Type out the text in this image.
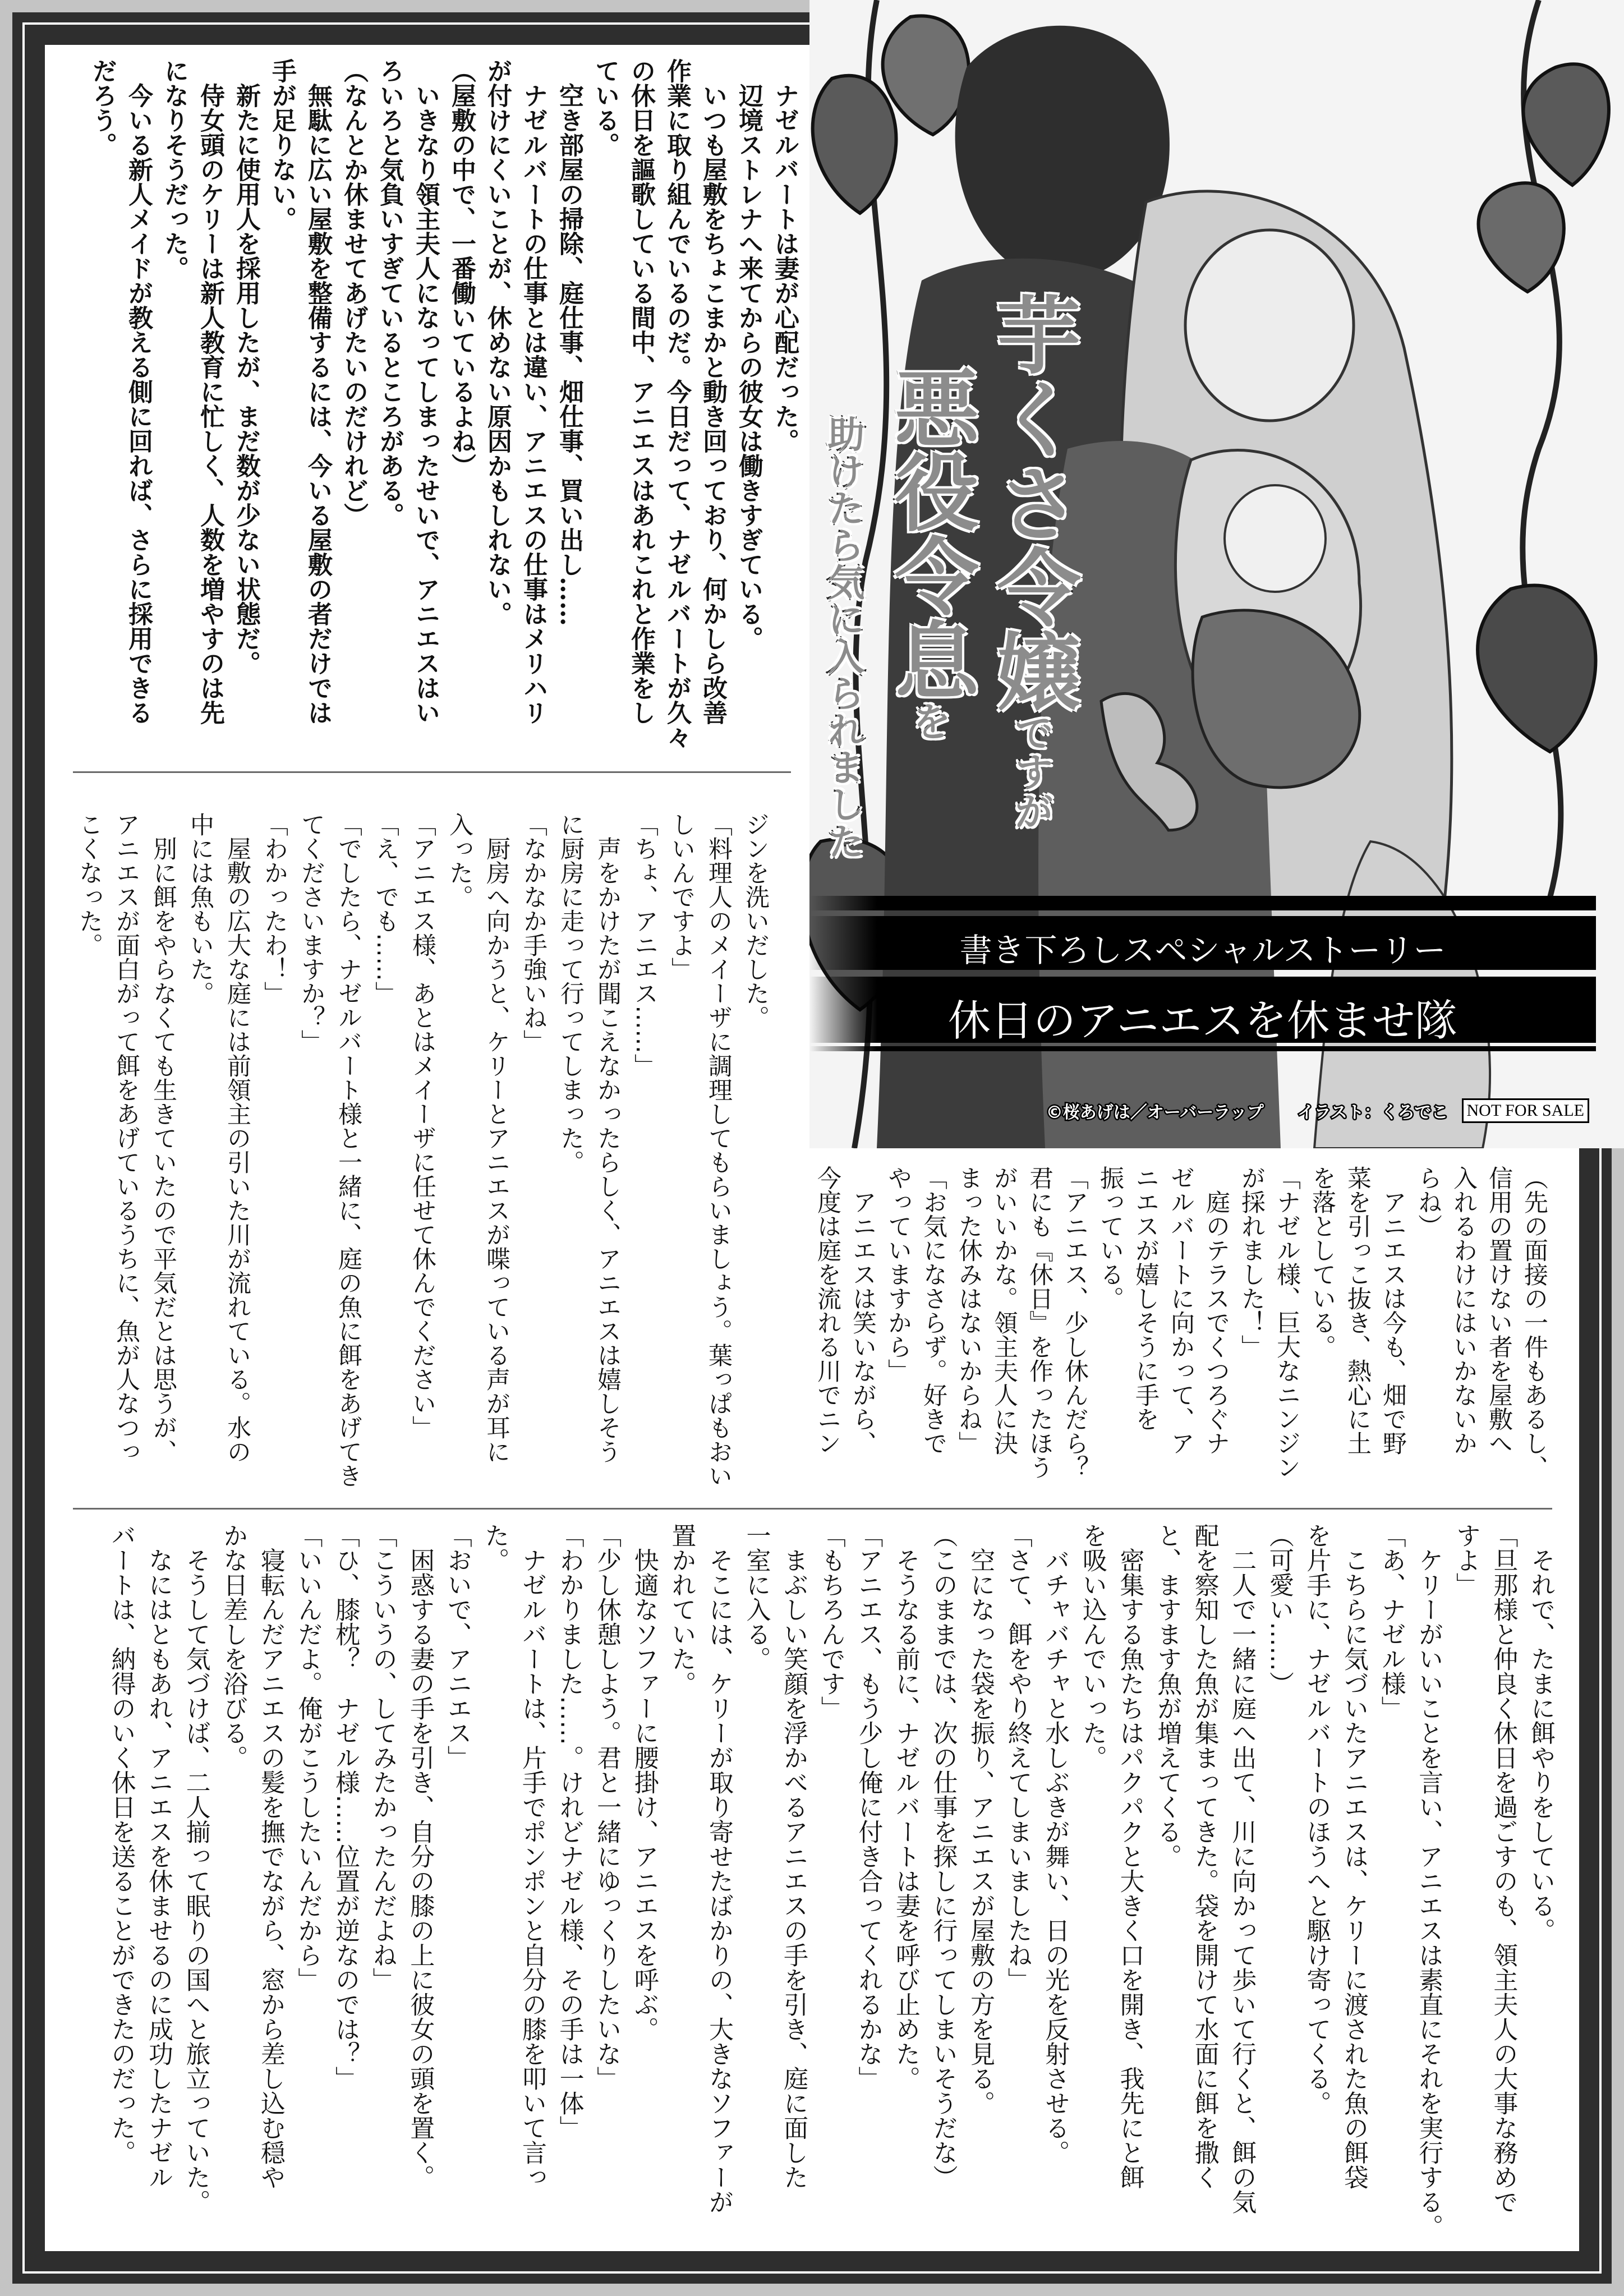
　ナゼルバートは妻が心配だった。
　辺境ストレナへ来てからの彼女は働きすぎている。
　いつも屋敷をちょこまかと動き回っており、何かしら改善
作業に取り組んでいるのだ。今日だって、ナゼルバートが久々
の休日を謳歌している間中、アニエスはあれこれと作業をし
ている。
　空き部屋の掃除、庭仕事、畑仕事、買い出し……
　ナゼルバートの仕事とは違い、アニエスの仕事はメリハリ
が付けにくいことが、休めない原因かもしれない。
（屋敷の中で、一番働いているよね）
　いきなり領主夫人になってしまったせいで、アニエスはい
ろいろと気負いすぎているところがある。
（なんとか休ませてあげたいのだけれど）
　無駄に広い屋敷を整備するには、今いる屋敷の者だけでは
手が足りない。
　新たに使用人を採用したが、まだ数が少ない状態だ。
　侍女頭のケリーは新人教育に忙しく、人数を増やすのは先
になりそうだった。
　今いる新人メイドが教える側に回れば、さらに採用できる
だろう。
（先の面接の一件もあるし、
信用の置けない者を屋敷へ
入れるわけにはいかないか
らね）
　アニエスは今も、畑で野
菜を引っこ抜き、熱心に土
を落としている。
「ナゼル様、巨大なニンジン
が採れました！」
　庭のテラスでくつろぐナ
ゼルバートに向かって、ア
ニエスが嬉しそうに手を
振っている。
「アニエス、少し休んだら？
君にも『休日』を作ったほう
がいいかな。領主夫人に決
まった休みはないからね」
「お気になさらず。好きで
やっていますから」
　アニエスは笑いながら、
今度は庭を流れる川でニン
ジンを洗いだした。
「料理人のメイーザに調理してもらいましょう。葉っぱもおい
しいんですよ」
「ちょ、アニエス……」
　声をかけたが聞こえなかったらしく、アニエスは嬉しそう
に厨房に走って行ってしまった。
「なかなか手強いね」
　厨房へ向かうと、ケリーとアニエスが喋っている声が耳に
入った。
「アニエス様、あとはメイーザに任せて休んでください」
「え、でも……」
「でしたら、ナゼルバート様と一緒に、庭の魚に餌をあげてき
てくださいますか？」
「わかったわ！」
　屋敷の広大な庭には前領主の引いた川が流れている。水の
中には魚もいた。
　別に餌をやらなくても生きていたので平気だとは思うが、
アニエスが面白がって餌をあげているうちに、魚が人なつっ
こくなった。
　それで、たまに餌やりをしている。
「旦那様と仲良く休日を過ごすのも、領主夫人の大事な務めで
すよ」
　ケリーがいいことを言い、アニエスは素直にそれを実行する。
「あ、ナゼル様」
　こちらに気づいたアニエスは、ケリーに渡された魚の餌袋
を片手に、ナゼルバートのほうへと駆け寄ってくる。
（可愛い……）
　二人で一緒に庭へ出て、川に向かって歩いて行くと、餌の気
配を察知した魚が集まってきた。袋を開けて水面に餌を撒く
と、ますます魚が増えてくる。
　密集する魚たちはパクパクと大きく口を開き、我先にと餌
を吸い込んでいった。
　バチャバチャと水しぶきが舞い、日の光を反射させる。
「さて、餌をやり終えてしまいましたね」
　空になった袋を振り、アニエスが屋敷の方を見る。
（このままでは、次の仕事を探しに行ってしまいそうだな）
　そうなる前に、ナゼルバートは妻を呼び止めた。
「アニエス、もう少し俺に付き合ってくれるかな」
「もちろんです」
　まぶしい笑顔を浮かべるアニエスの手を引き、庭に面した
一室に入る。
　そこには、ケリーが取り寄せたばかりの、大きなソファーが
置かれていた。
　快適なソファーに腰掛け、アニエスを呼ぶ。
「少し休憩しよう。君と一緒にゆっくりしたいな」
「わかりました……。けれどナゼル様、その手は一体」
　ナゼルバートは、片手でポンポンと自分の膝を叩いて言っ
た。
「おいで、アニエス」
　困惑する妻の手を引き、自分の膝の上に彼女の頭を置く。
「こういうの、してみたかったんだよね」
「ひ、膝枕？　ナゼル様……位置が逆なのでは？」
「いいんだよ。俺がこうしたいんだから」
　寝転んだアニエスの髪を撫でながら、窓から差し込む穏や
かな日差しを浴びる。
　そうして気づけば、二人揃って眠りの国へと旅立っていた。
　なにはともあれ、アニエスを休ませるのに成功したナゼル
バートは、納得のいく休日を送ることができたのだった。
芋くさ令嬢ですが
悪役令息を
助けたら気に入られました
書き下ろしスペシャルストーリー
休日のアニエスを休ませ隊
©桜あげは／オーバーラップ　　 イラスト：くろでこ	NOT FOR SALE
